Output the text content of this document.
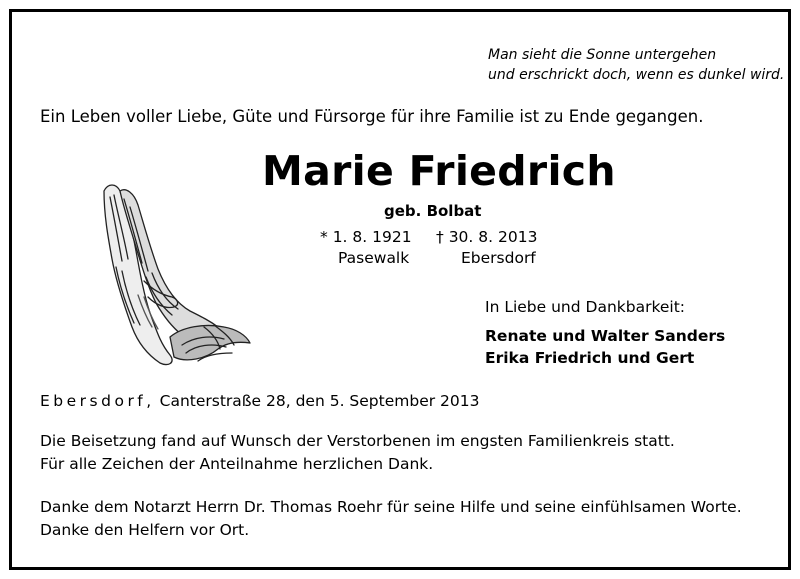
Man sieht die Sonne untergehen
und erschrickt doch, wenn es dunkel wird.
Ein Leben voller Liebe, Güte und Fürsorge für ihre Familie ist zu Ende gegangen.
Marie Friedrich
geb. Bolbat
* 1. 8. 1921
Pasewalk
† 30. 8. 2013
Ebersdorf
In Liebe und Dankbarkeit:
Renate und Walter Sanders
Erika Friedrich und Gert
Ebersdorf, Canterstraße 28, den 5. September 2013
Die Beisetzung fand auf Wunsch der Verstorbenen im engsten Familienkreis statt.
Für alle Zeichen der Anteilnahme herzlichen Dank.
Danke dem Notarzt Herrn Dr. Thomas Roehr für seine Hilfe und seine einfühlsamen Worte.
Danke den Helfern vor Ort.
